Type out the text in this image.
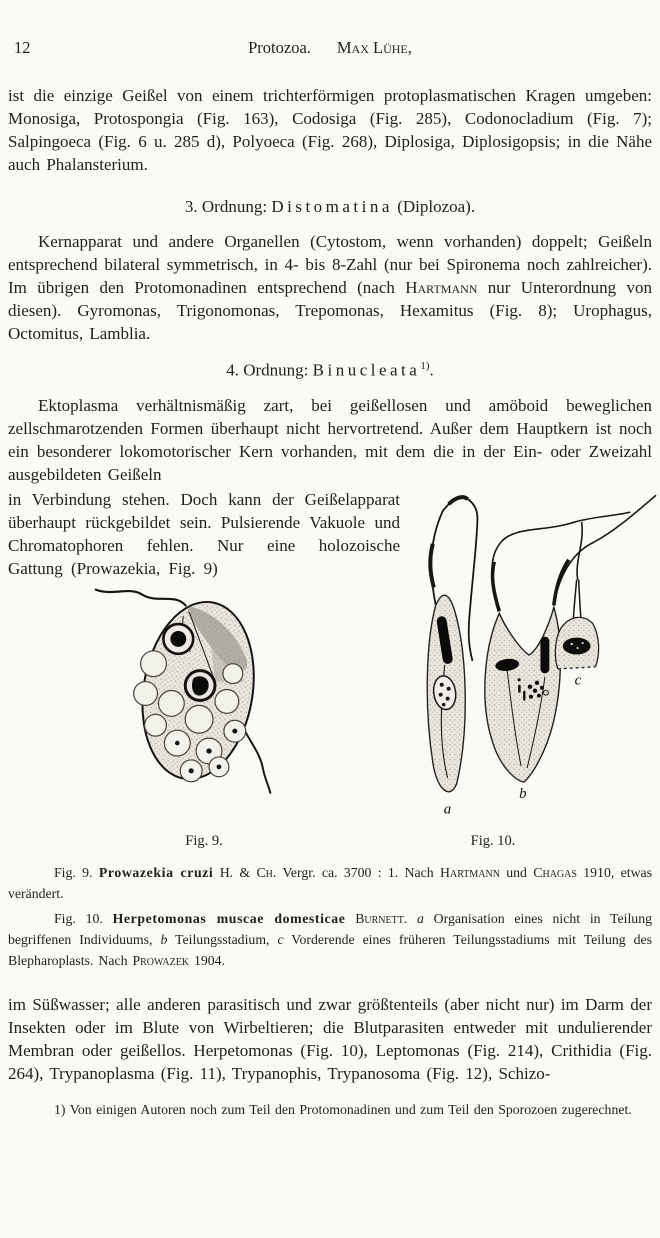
12	Protozoa. Max Lühe,

ist die einzige Geißel von einem trichterförmigen protoplasmatischen Kragen umgeben: Monosiga, Protospongia (Fig. 163), Codosiga (Fig. 285), Codonocladium (Fig. 7); Salpingoeca (Fig. 6 u. 285 d), Polyoeca (Fig. 268), Diplosiga, Diplosigopsis; in die Nähe auch Phalansterium.

3. Ordnung: Distomatina (Diplozoa).

Kernapparat und andere Organellen (Cytostom, wenn vorhanden) doppelt; Geißeln entsprechend bilateral symmetrisch, in 4- bis 8-Zahl (nur bei Spironema noch zahlreicher). Im übrigen den Protomonadinen entsprechend (nach Hartmann nur Unterordnung von diesen). Gyromonas, Trigonomonas, Trepomonas, Hexamitus (Fig. 8); Urophagus, Octomitus, Lamblia.

4. Ordnung: Binucleata$^{1)}$.

Ektoplasma verhältnismäßig zart, bei geißellosen und amöboid beweglichen zellschmarotzenden Formen überhaupt nicht hervortretend. Außer dem Hauptkern ist noch ein besonderer lokomotorischer Kern vorhanden, mit dem die in der Ein- oder Zweizahl ausgebildeten Geißeln

in Verbindung stehen. Doch kann der Geißelapparat überhaupt rückgebildet sein. Pulsierende Vakuole und Chromatophoren fehlen. Nur eine holozoische Gattung (Prowazekia, Fig. 9)

a
b
c
Fig. 9.	Fig. 10.

Fig. 9. Prowazekia cruzi H. & Ch. Vergr. ca. 3700 : 1. Nach Hartmann und Chagas 1910, etwas verändert.

Fig. 10. Herpetomonas muscae domesticae Burnett. a Organisation eines nicht in Teilung begriffenen Individuums, b Teilungsstadium, c Vorderende eines früheren Teilungsstadiums mit Teilung des Blepharoplasts. Nach Prowazek 1904.

im Süßwasser; alle anderen parasitisch und zwar größtenteils (aber nicht nur) im Darm der Insekten oder im Blute von Wirbeltieren; die Blutparasiten entweder mit undulierender Membran oder geißellos. Herpetomonas (Fig. 10), Leptomonas (Fig. 214), Crithidia (Fig. 264), Trypanoplasma (Fig. 11), Trypanophis, Trypanosoma (Fig. 12), Schizo-

1) Von einigen Autoren noch zum Teil den Protomonadinen und zum Teil den Sporozoen zugerechnet.
